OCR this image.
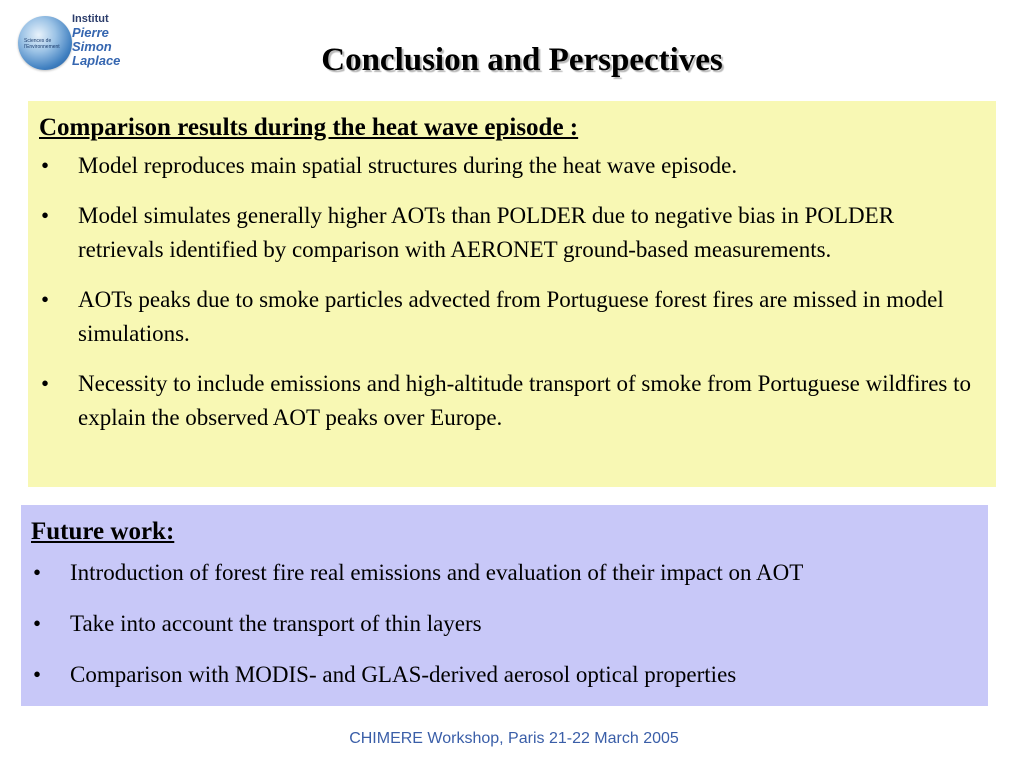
Sciences de l'Environnement
Institut
Pierre
Simon
Laplace	Conclusion and Perspectives
Comparison results during the heat wave episode :
•	Model reproduces main spatial structures during the heat wave episode.
•	Model simulates generally higher AOTs than POLDER due to negative bias in POLDER retrievals identified by comparison with AERONET ground-based measurements.
•	AOTs peaks due to smoke particles advected from Portuguese forest fires are missed in model simulations.
•	Necessity to include emissions and high-altitude transport of smoke from Portuguese wildfires to explain the observed AOT peaks over Europe.
Future work:
•	Introduction of forest fire real emissions and evaluation of their impact on AOT
•	Take into account the transport of thin layers
•	Comparison with MODIS- and GLAS-derived aerosol optical properties
CHIMERE Workshop, Paris 21-22 March 2005
